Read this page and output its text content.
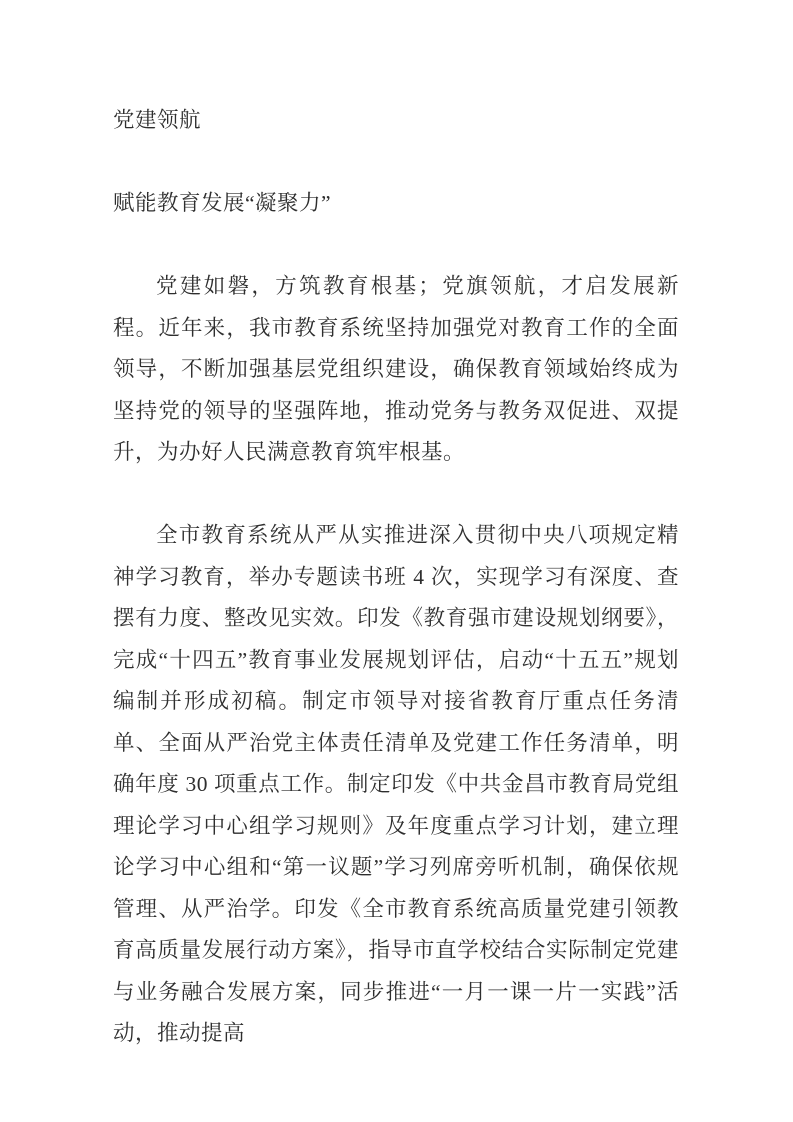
党建领航
赋能教育发展“凝聚力”

党建如磐，方筑教育根基；党旗领航，才启发展新程。近年来，我市教育系统坚持加强党对教育工作的全面领导，不断加强基层党组织建设，确保教育领域始终成为坚持党的领导的坚强阵地，推动党务与教务双促进、双提升，为办好人民满意教育筑牢根基。

全市教育系统从严从实推进深入贯彻中央八项规定精神学习教育，举办专题读书班 4 次，实现学习有深度、查摆有力度、整改见实效。印发《教育强市建设规划纲要》，完成“十四五”教育事业发展规划评估，启动“十五五”规划编制并形成初稿。制定市领导对接省教育厅重点任务清单、全面从严治党主体责任清单及党建工作任务清单，明确年度 30 项重点工作。制定印发《中共金昌市教育局党组理论学习中心组学习规则》及年度重点学习计划，建立理论学习中心组和“第一议题”学习列席旁听机制，确保依规管理、从严治学。印发《全市教育系统高质量党建引领教育高质量发展行动方案》，指导市直学校结合实际制定党建与业务融合发展方案，同步推进“一月一课一片一实践”活动，推动提高
